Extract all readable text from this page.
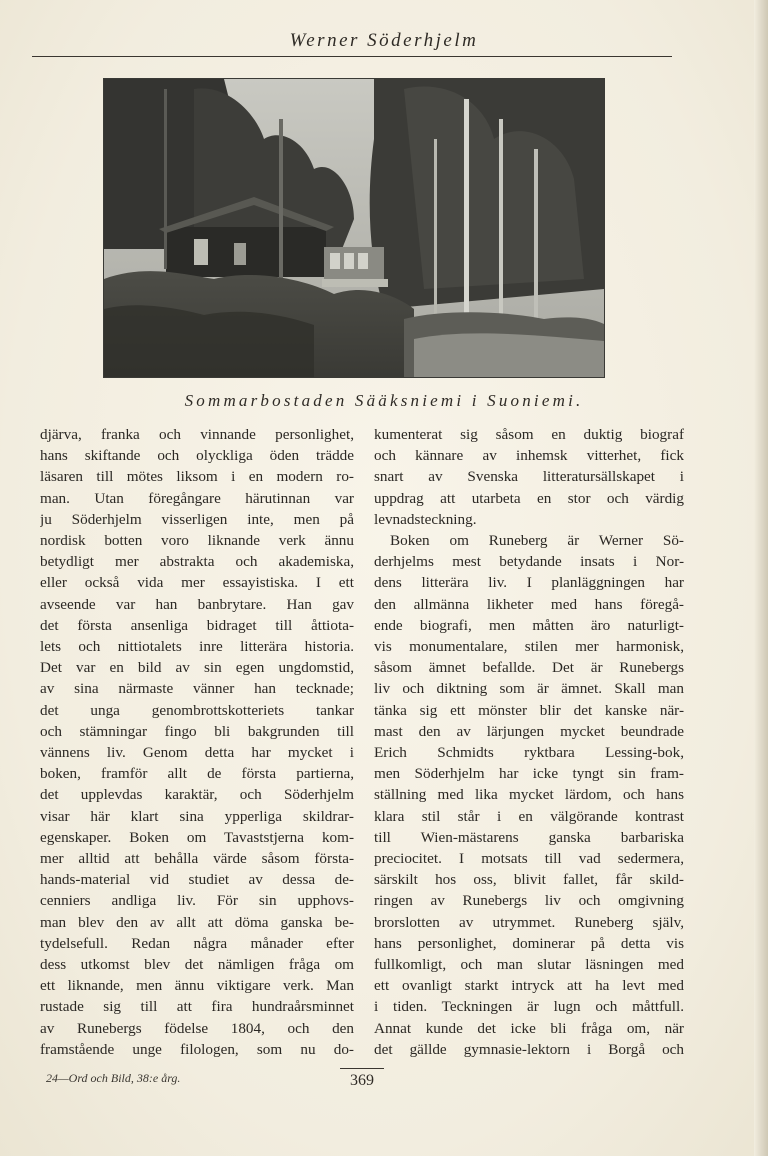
Werner Söderhjelm
Sommarbostaden Sääksniemi i Suoniemi.
djärva, franka och vinnande personlighet,
hans skiftande och olyckliga öden trädde
läsaren till mötes liksom i en modern ro-
man. Utan föregångare härutinnan var
ju Söderhjelm visserligen inte, men på
nordisk botten voro liknande verk ännu
betydligt mer abstrakta och akademiska,
eller också vida mer essayistiska. I ett
avseende var han banbrytare. Han gav
det första ansenliga bidraget till åttiota-
lets och nittiotalets inre litterära historia.
Det var en bild av sin egen ungdomstid,
av sina närmaste vänner han tecknade;
det unga genombrottskotteriets tankar
och stämningar fingo bli bakgrunden till
vännens liv. Genom detta har mycket i
boken, framför allt de första partierna,
det upplevdas karaktär, och Söderhjelm
visar här klart sina ypperliga skildrar-
egenskaper. Boken om Tavaststjerna kom-
mer alltid att behålla värde såsom första-
hands-material vid studiet av dessa de-
cenniers andliga liv. För sin upphovs-
man blev den av allt att döma ganska be-
tydelsefull. Redan några månader efter
dess utkomst blev det nämligen fråga om
ett liknande, men ännu viktigare verk. Man
rustade sig till att fira hundraårsminnet
av Runebergs födelse 1804, och den
framstående unge filologen, som nu do-
kumenterat sig såsom en duktig biograf
och kännare av inhemsk vitterhet, fick
snart av Svenska litteratursällskapet i
uppdrag att utarbeta en stor och värdig
levnadsteckning.
Boken om Runeberg är Werner Sö-
derhjelms mest betydande insats i Nor-
dens litterära liv. I planläggningen har
den allmänna likheter med hans föregå-
ende biografi, men måtten äro naturligt-
vis monumentalare, stilen mer harmonisk,
såsom ämnet befallde. Det är Runebergs
liv och diktning som är ämnet. Skall man
tänka sig ett mönster blir det kanske när-
mast den av lärjungen mycket beundrade
Erich Schmidts ryktbara Lessing-bok,
men Söderhjelm har icke tyngt sin fram-
ställning med lika mycket lärdom, och hans
klara stil står i en välgörande kontrast
till Wien-mästarens ganska barbariska
preciocitet. I motsats till vad sedermera,
särskilt hos oss, blivit fallet, får skild-
ringen av Runebergs liv och omgivning
brorslotten av utrymmet. Runeberg själv,
hans personlighet, dominerar på detta vis
fullkomligt, och man slutar läsningen med
ett ovanligt starkt intryck att ha levt med
i tiden. Teckningen är lugn och måttfull.
Annat kunde det icke bli fråga om, när
det gällde gymnasie-lektorn i Borgå och
24—Ord och Bild, 38:e årg.	369
